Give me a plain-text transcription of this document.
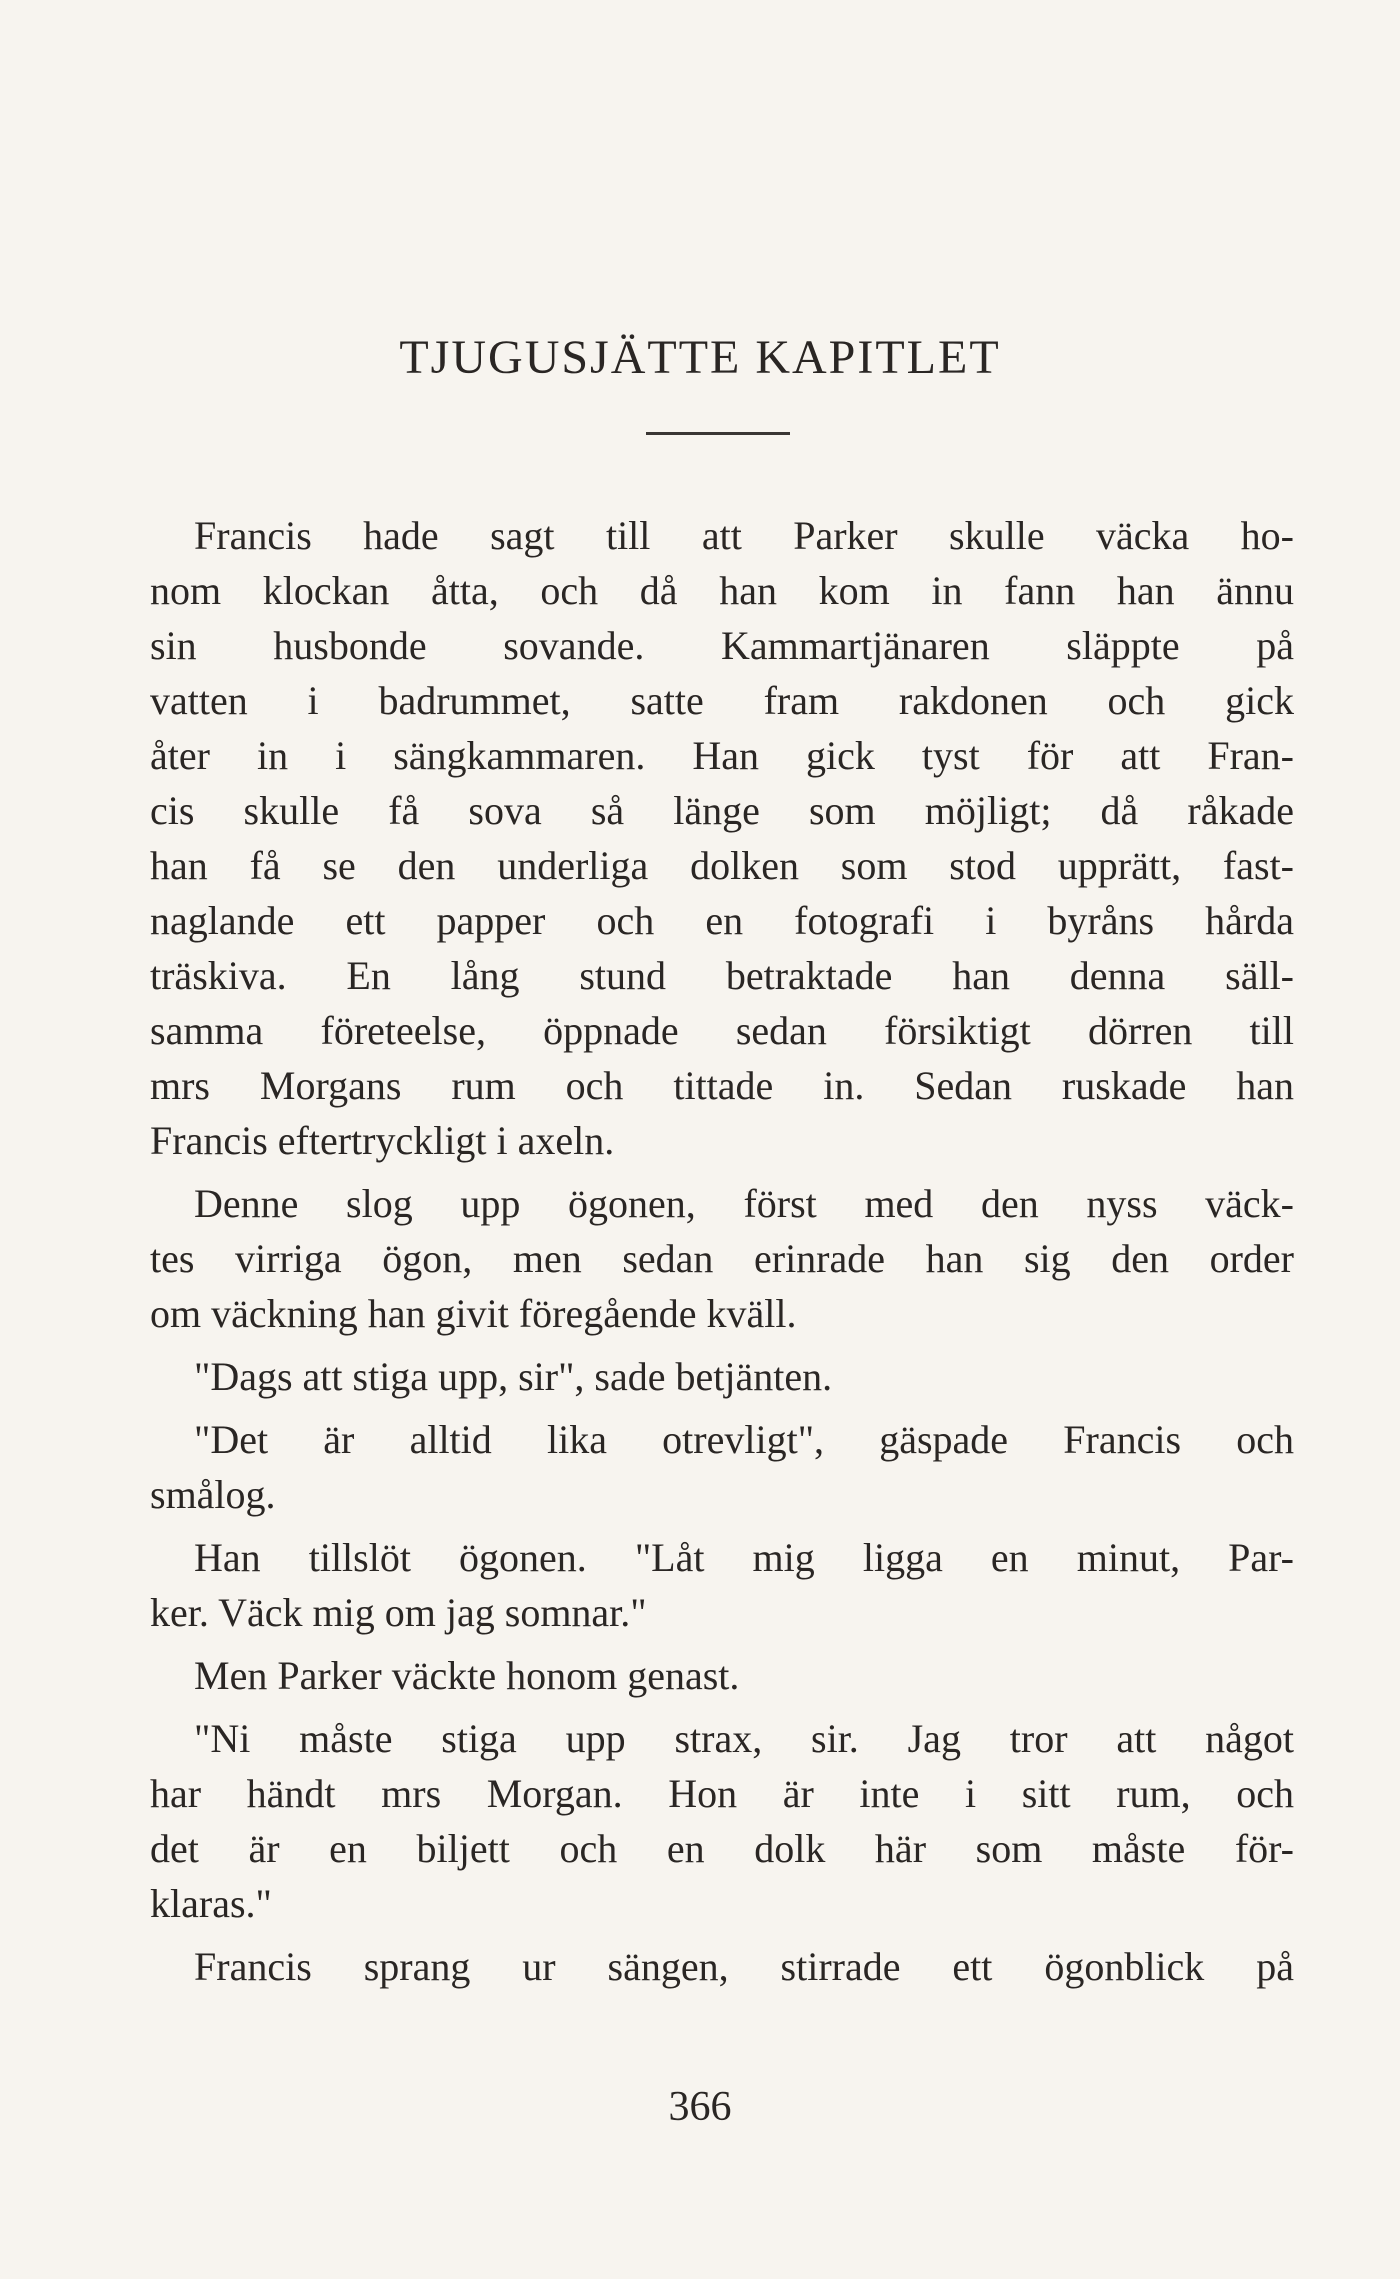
TJUGUSJÄTTE KAPITLET
Francis hade sagt till att Parker skulle väcka ho-
nom klockan åtta, och då han kom in fann han ännu
sin husbonde sovande. Kammartjänaren släppte på
vatten i badrummet, satte fram rakdonen och gick
åter in i sängkammaren. Han gick tyst för att Fran-
cis skulle få sova så länge som möjligt; då råkade
han få se den underliga dolken som stod upprätt, fast-
naglande ett papper och en fotografi i byråns hårda
träskiva. En lång stund betraktade han denna säll-
samma företeelse, öppnade sedan försiktigt dörren till
mrs Morgans rum och tittade in. Sedan ruskade han
Francis eftertryckligt i axeln.
Denne slog upp ögonen, först med den nyss väck-
tes virriga ögon, men sedan erinrade han sig den order
om väckning han givit föregående kväll.
"Dags att stiga upp, sir", sade betjänten.
"Det är alltid lika otrevligt", gäspade Francis och
smålog.
Han tillslöt ögonen. "Låt mig ligga en minut, Par-
ker. Väck mig om jag somnar."
Men Parker väckte honom genast.
"Ni måste stiga upp strax, sir. Jag tror att något
har händt mrs Morgan. Hon är inte i sitt rum, och
det är en biljett och en dolk här som måste för-
klaras."
Francis sprang ur sängen, stirrade ett ögonblick på
366
